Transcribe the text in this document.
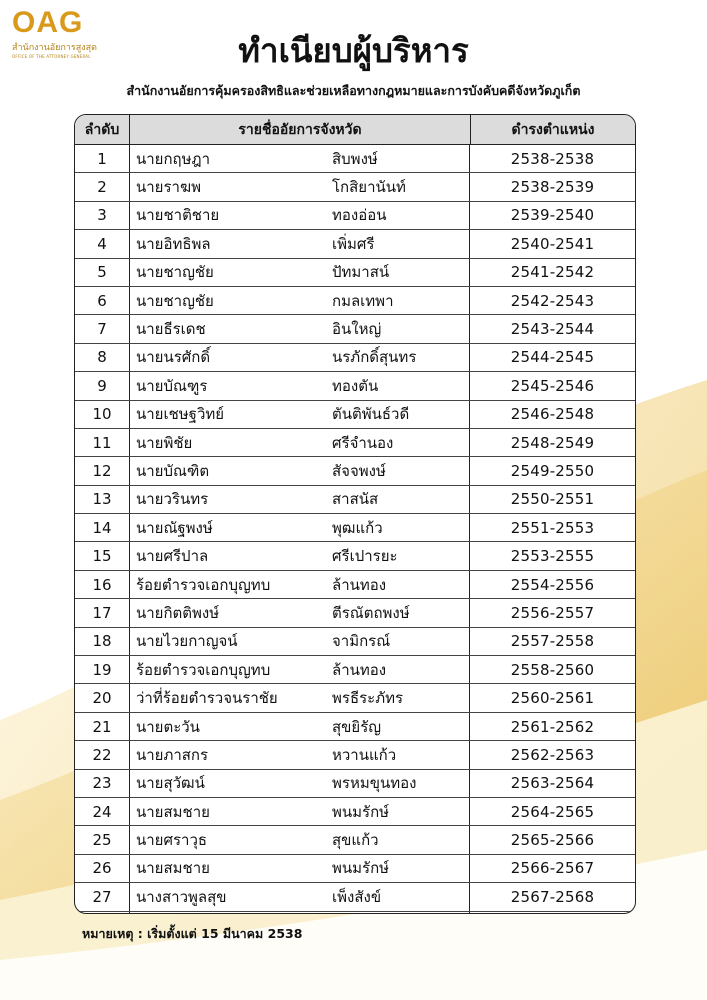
OAG
สำนักงานอัยการสูงสุด
OFFICE OF THE ATTORNEY GENERAL	ทำเนียบผู้บริหาร
สำนักงานอัยการคุ้มครองสิทธิและช่วยเหลือทางกฎหมายและการบังคับคดีจังหวัดภูเก็ต
ลำดับ	รายชื่ออัยการจังหวัด	ดำรงตำแหน่ง
1	นายกฤษฎา	สิบพงษ์	2538-2538
2	นายราฆพ	โกสิยานันท์	2538-2539
3	นายชาติชาย	ทองอ่อน	2539-2540
4	นายอิทธิพล	เพิ่มศรี	2540-2541
5	นายชาญชัย	ปัทมาสน์	2541-2542
6	นายชาญชัย	กมลเทพา	2542-2543
7	นายธีรเดช	อินใหญ่	2543-2544
8	นายนรศักดิ์	นรภักดิ์สุนทร	2544-2545
9	นายบัณฑูร	ทองตัน	2545-2546
10	นายเชษฐวิทย์	ตันติพันธ์วดี	2546-2548
11	นายพิชัย	ศรีจำนอง	2548-2549
12	นายบัณฑิต	สัจจพงษ์	2549-2550
13	นายวรินทร	สาสนัส	2550-2551
14	นายณัฐพงษ์	พุฒแก้ว	2551-2553
15	นายศรีปาล	ศรีเปารยะ	2553-2555
16	ร้อยตำรวจเอกบุญทบ	ล้านทอง	2554-2556
17	นายกิตติพงษ์	ตีรณัตถพงษ์	2556-2557
18	นายไวยกาญจน์	จามิกรณ์	2557-2558
19	ร้อยตำรวจเอกบุญทบ	ล้านทอง	2558-2560
20	ว่าที่ร้อยตำรวจนราชัย	พรธีระภัทร	2560-2561
21	นายตะวัน	สุขยิรัญ	2561-2562
22	นายภาสกร	หวานแก้ว	2562-2563
23	นายสุวัฒน์	พรหมขุนทอง	2563-2564
24	นายสมชาย	พนมรักษ์	2564-2565
25	นายศราวุธ	สุขแก้ว	2565-2566
26	นายสมชาย	พนมรักษ์	2566-2567
27	นางสาวพูลสุข	เพ็งสังข์	2567-2568
หมายเหตุ : เริ่มตั้งแต่ 15 มีนาคม 2538
